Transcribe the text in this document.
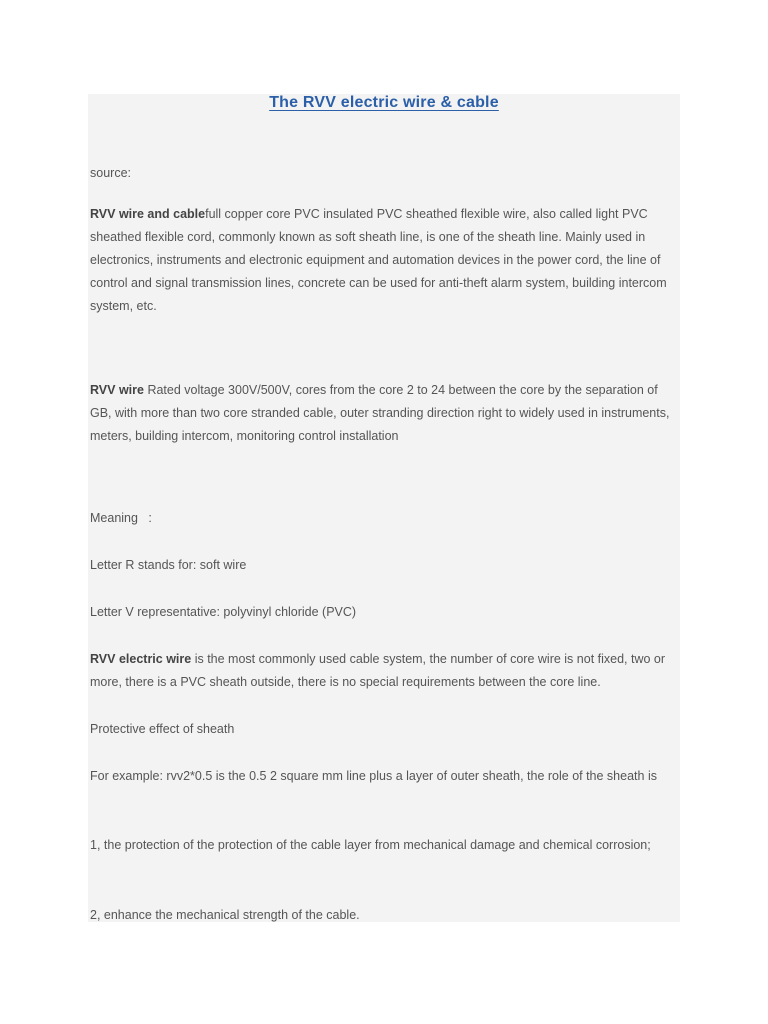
The RVV electric wire & cable

source:

RVV wire and cablefull copper core PVC insulated PVC sheathed flexible wire, also called light PVC sheathed flexible cord, commonly known as soft sheath line, is one of the sheath line. Mainly used in electronics, instruments and electronic equipment and automation devices in the power cord, the line of control and signal transmission lines, concrete can be used for anti-theft alarm system, building intercom system, etc.

RVV wire Rated voltage 300V/500V, cores from the core 2 to 24 between the core by the separation of GB, with more than two core stranded cable, outer stranding direction right to widely used in instruments, meters, building intercom, monitoring control installation

Meaning   :

Letter R stands for: soft wire

Letter V representative: polyvinyl chloride (PVC)

RVV electric wire is the most commonly used cable system, the number of core wire is not fixed, two or more, there is a PVC sheath outside, there is no special requirements between the core line.

Protective effect of sheath

For example: rvv2*0.5 is the 0.5 2 square mm line plus a layer of outer sheath, the role of the sheath is

1, the protection of the protection of the cable layer from mechanical damage and chemical corrosion;

2, enhance the mechanical strength of the cable.
